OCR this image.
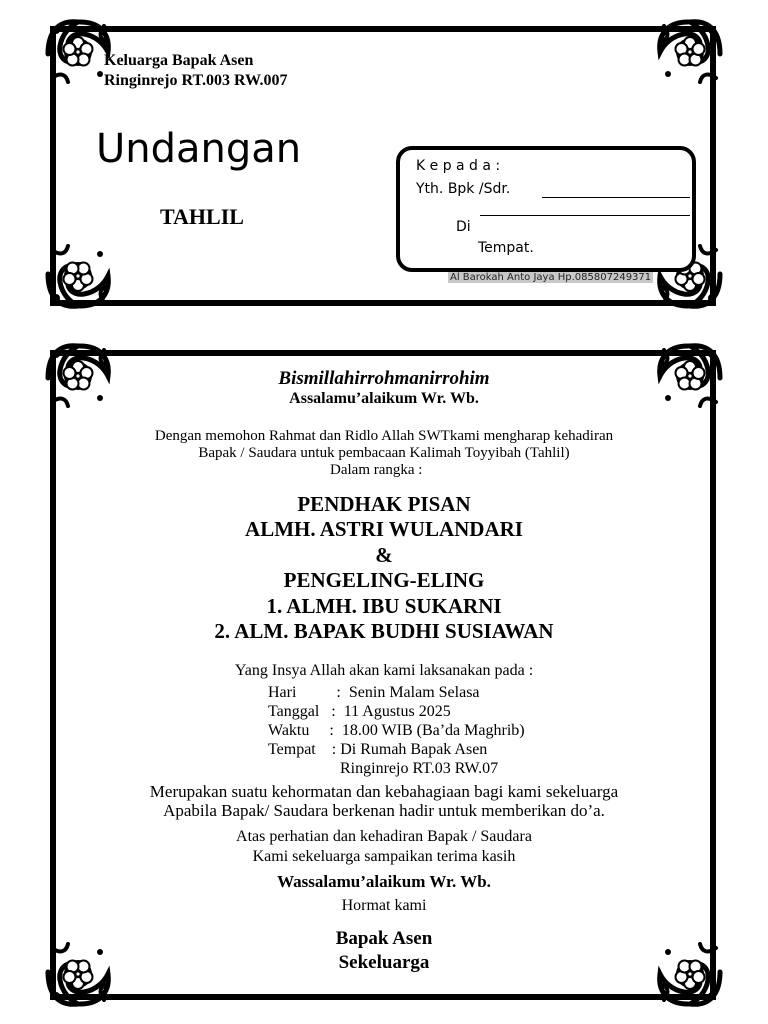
Keluarga Bapak Asen
Ringinrejo RT.003 RW.007
Undangan
TAHLIL
K e p a d a :
Yth. Bpk /Sdr.
Di
Tempat.
Al Barokah Anto Jaya Hp.085807249371
Bismillahirrohmanirrohim
Assalamu’alaikum Wr. Wb.
Dengan memohon Rahmat dan Ridlo Allah SWTkami mengharap kehadiran
Bapak / Saudara untuk pembacaan Kalimah Toyyibah (Tahlil)
Dalam rangka :
PENDHAK PISAN
ALMH. ASTRI WULANDARI
&
PENGELING-ELING
1. ALMH. IBU SUKARNI
2. ALM. BAPAK BUDHI SUSIAWAN
Yang Insya Allah akan kami laksanakan pada :
Hari          :  Senin Malam Selasa
Tanggal   :  11 Agustus 2025
Waktu     :  18.00 WIB (Ba’da Maghrib)
Tempat    : Di Rumah Bapak Asen
Ringinrejo RT.03 RW.07
Merupakan suatu kehormatan dan kebahagiaan bagi kami sekeluarga
Apabila Bapak/ Saudara berkenan hadir untuk memberikan do’a.
Atas perhatian dan kehadiran Bapak / Saudara
Kami sekeluarga sampaikan terima kasih
Wassalamu’alaikum Wr. Wb.
Hormat kami
Bapak Asen
Sekeluarga
